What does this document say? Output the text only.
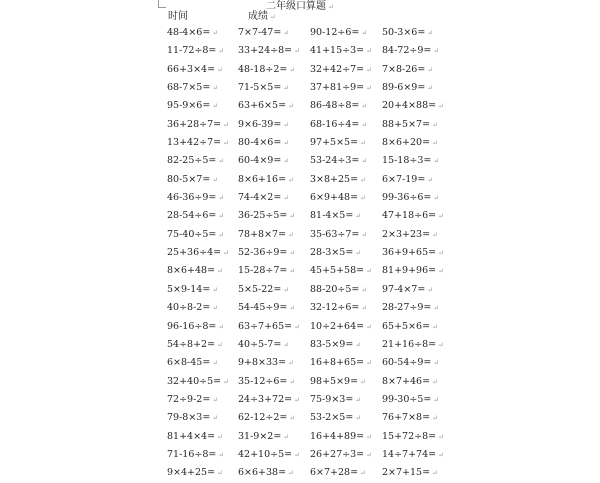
二年级口算题 ↵
时间	成绩 ↵
48-4×6= ↵ 7×7-47= ↵ 90-12÷6= ↵ 50-3×6= ↵
11-72÷8= ↵ 33+24÷8= ↵ 41+15÷3= ↵ 84-72÷9= ↵
66+3×4= ↵ 48-18÷2= ↵ 32+42÷7= ↵ 7×8-26= ↵
68-7×5= ↵ 71-5×5= ↵ 37+81÷9= ↵ 89-6×9= ↵
95-9×6= ↵ 63+6×5= ↵ 86-48÷8= ↵ 20+4×88= ↵
36+28÷7= ↵ 9×6-39= ↵ 68-16÷4= ↵ 88+5×7= ↵
13+42÷7= ↵ 80-4×6= ↵ 97+5×5= ↵ 8×6+20= ↵
82-25÷5= ↵ 60-4×9= ↵ 53-24÷3= ↵ 15-18÷3= ↵
80-5×7= ↵ 8×6+16= ↵ 3×8+25= ↵ 6×7-19= ↵
46-36÷9= ↵ 74-4×2= ↵ 6×9+48= ↵ 99-36÷6= ↵
28-54÷6= ↵ 36-25÷5= ↵ 81-4×5= ↵ 47+18÷6= ↵
75-40÷5= ↵ 78+8×7= ↵ 35-63÷7= ↵ 2×3+23= ↵
25+36÷4= ↵ 52-36÷9= ↵ 28-3×5= ↵ 36+9+65= ↵
8×6+48= ↵ 15-28÷7= ↵ 45+5+58= ↵ 81+9+96= ↵
5×9-14= ↵ 5×5-22= ↵ 88-20÷5= ↵ 97-4×7= ↵
40÷8-2= ↵ 54-45÷9= ↵ 32-12÷6= ↵ 28-27÷9= ↵
96-16÷8= ↵ 63÷7+65= ↵ 10÷2+64= ↵ 65+5×6= ↵
54÷8+2= ↵ 40÷5-7= ↵ 83-5×9= ↵ 21+16÷8= ↵
6×8-45= ↵ 9+8×33= ↵ 16+8+65= ↵ 60-54÷9= ↵
32+40÷5= ↵ 35-12÷6= ↵ 98+5×9= ↵ 8×7+46= ↵
72÷9-2= ↵ 24÷3+72= ↵ 75-9×3= ↵ 99-30÷5= ↵
79-8×3= ↵ 62-12÷2= ↵ 53-2×5= ↵ 76+7×8= ↵
81+4×4= ↵ 31-9×2= ↵ 16+4+89= ↵ 15+72÷8= ↵
71-16÷8= ↵ 42+10÷5= ↵ 26+27÷3= ↵ 14÷7+74= ↵
9×4+25= ↵ 6×6+38= ↵ 6×7+28= ↵ 2×7+15= ↵
